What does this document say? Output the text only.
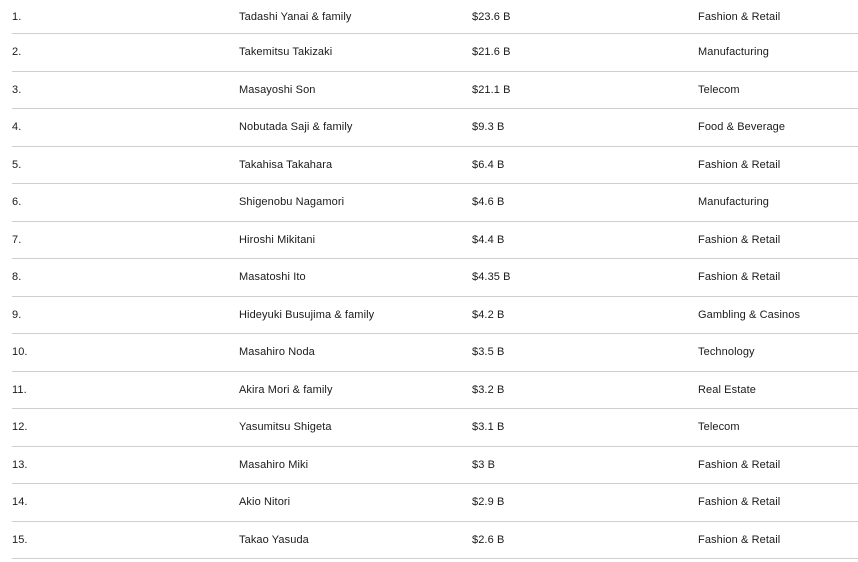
1.	Tadashi Yanai & family	$23.6 B	Fashion & Retail
2.	Takemitsu Takizaki	$21.6 B	Manufacturing
3.	Masayoshi Son	$21.1 B	Telecom
4.	Nobutada Saji & family	$9.3 B	Food & Beverage
5.	Takahisa Takahara	$6.4 B	Fashion & Retail
6.	Shigenobu Nagamori	$4.6 B	Manufacturing
7.	Hiroshi Mikitani	$4.4 B	Fashion & Retail
8.	Masatoshi Ito	$4.35 B	Fashion & Retail
9.	Hideyuki Busujima & family	$4.2 B	Gambling & Casinos
10.	Masahiro Noda	$3.5 B	Technology
11.	Akira Mori & family	$3.2 B	Real Estate
12.	Yasumitsu Shigeta	$3.1 B	Telecom
13.	Masahiro Miki	$3 B	Fashion & Retail
14.	Akio Nitori	$2.9 B	Fashion & Retail
15.	Takao Yasuda	$2.6 B	Fashion & Retail
